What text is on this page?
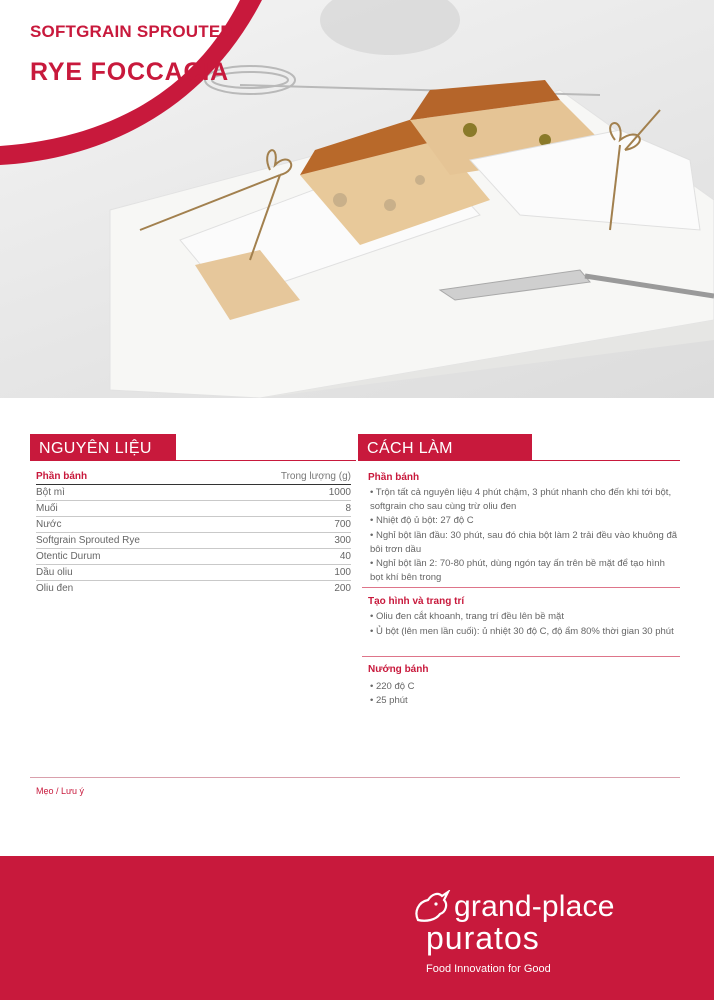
SOFTGRAIN SPROUTED
RYE FOCCACIA
NGUYÊN LIỆU
Phần bánh	Trong lượng (g)
Bột mì	1000
Muối	8
Nước	700
Softgrain Sprouted Rye	300
Otentic Durum	40
Dầu oliu	100
Oliu đen	200
CÁCH LÀM
Phần bánh
• Trộn tất cả nguyên liệu 4 phút chậm, 3 phút nhanh cho đến khi tới bột, softgrain cho sau cùng trừ oliu đen
• Nhiệt độ ủ bột: 27 độ C
• Nghỉ bột lần đầu: 30 phút, sau đó chia bột làm 2 trải đều vào khuông đã bôi trơn dầu
• Nghỉ bột lần 2: 70-80 phút, dùng ngón tay ấn trên bề mặt để tạo hình bọt khí bên trong
Tạo hình và trang trí
• Oliu đen cắt khoanh, trang trí đều lên bề mặt
• Ủ bột (lên men lần cuối): ủ nhiệt 30 độ C, độ ẩm 80% thời gian 30 phút
Nướng bánh
• 220 độ C
• 25 phút
Mẹo / Lưu ý
grand-place
puratos
Food Innovation for Good
